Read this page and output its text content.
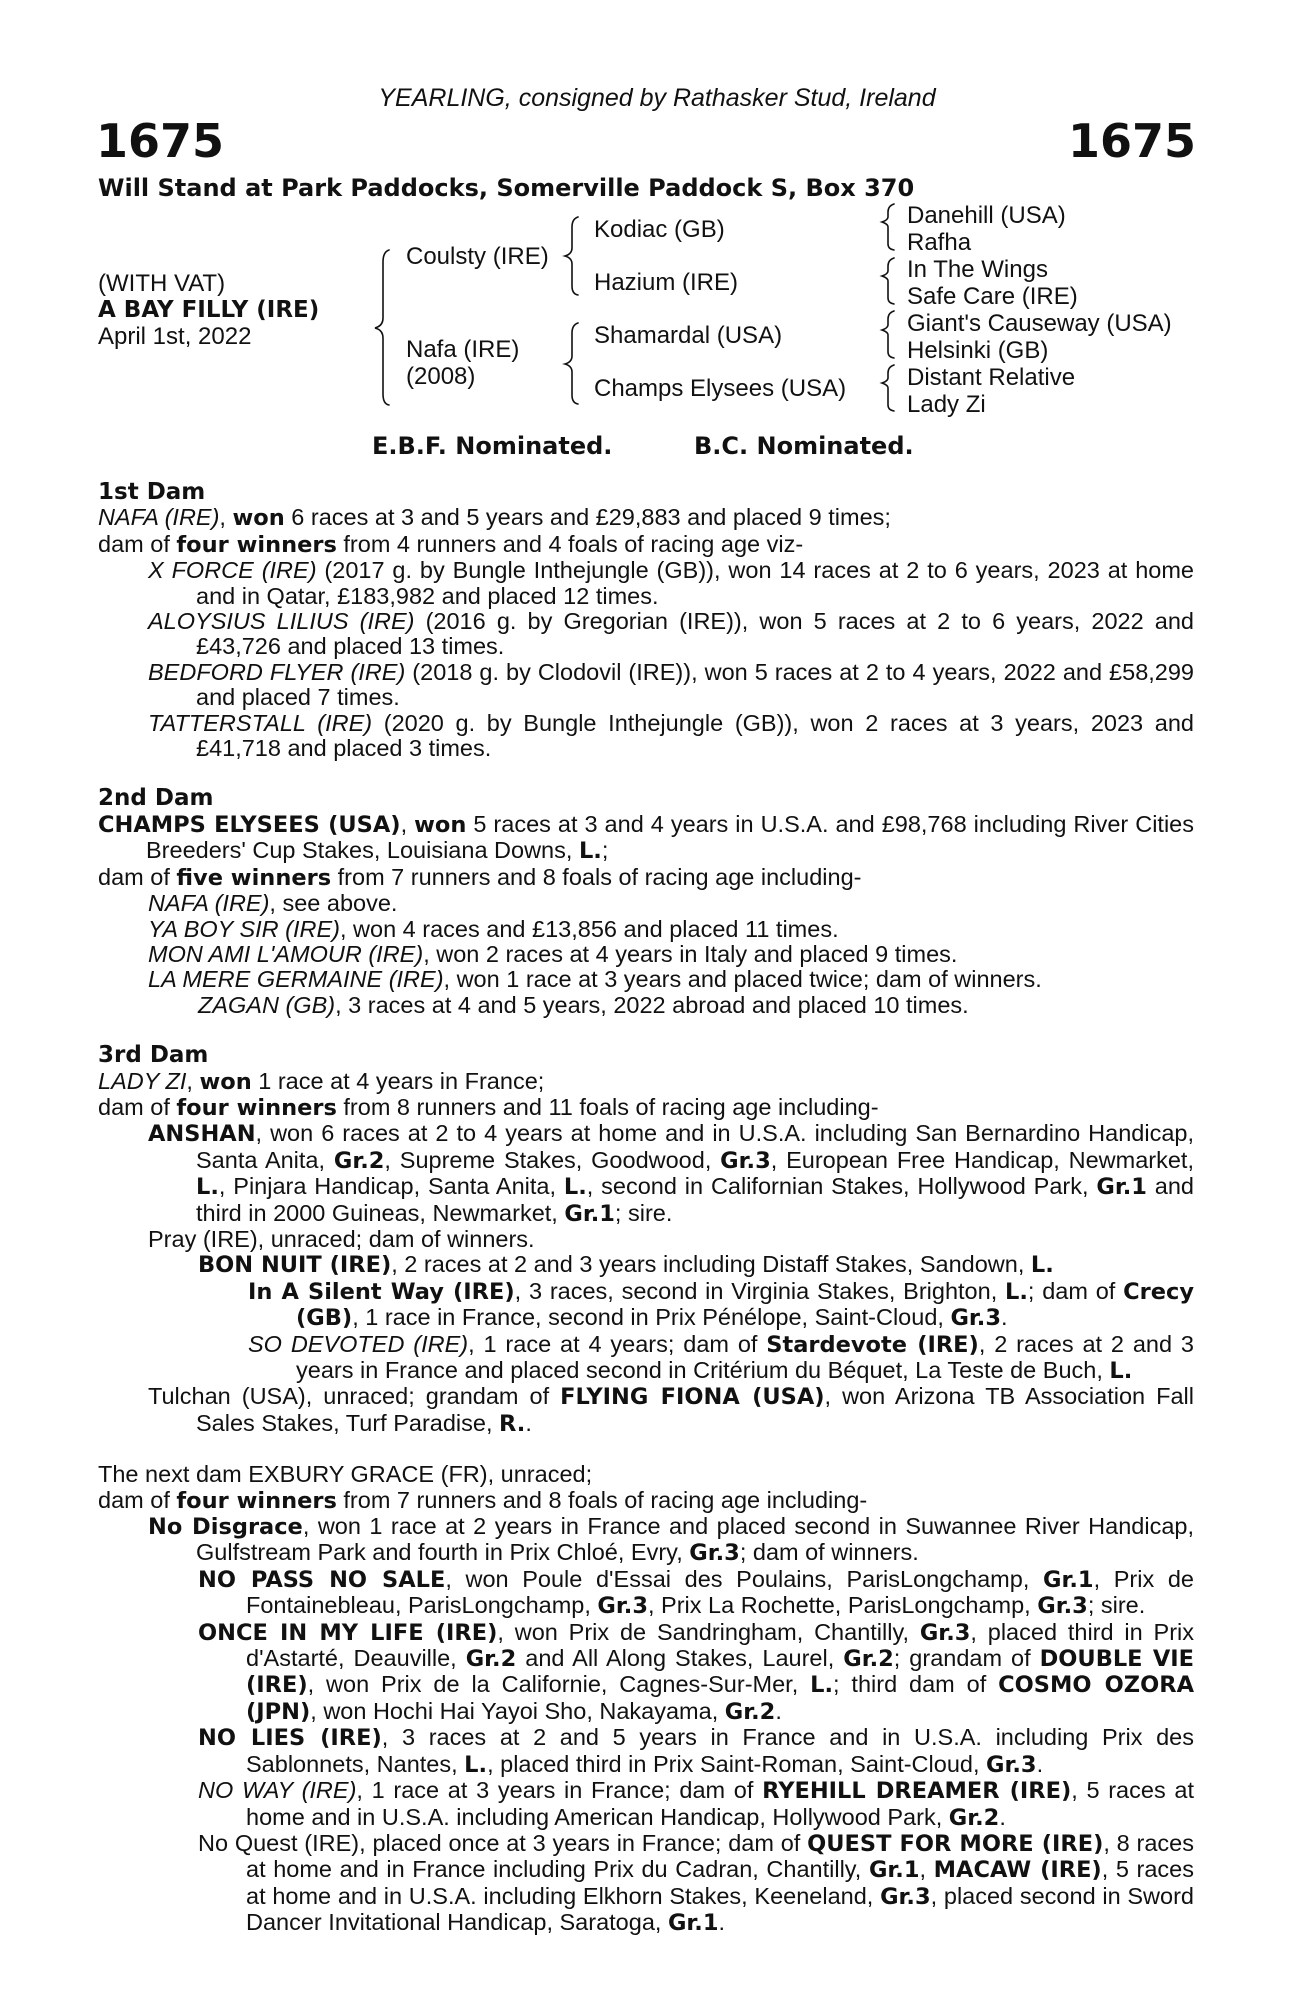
YEARLING, consigned by Rathasker Stud, Ireland
1675	1675
Will Stand at Park Paddocks, Somerville Paddock S, Box 370
(WITH VAT)
A BAY FILLY (IRE)
April 1st, 2022
Coulsty (IRE)
Nafa (IRE)
(2008)
Kodiac (GB)
Hazium (IRE)
Shamardal (USA)
Champs Elysees (USA)
Danehill (USA)
Rafha
In The Wings
Safe Care (IRE)
Giant's Causeway (USA)
Helsinki (GB)
Distant Relative
Lady Zi
E.B.F. Nominated.	B.C. Nominated.

1st Dam

NAFA (IRE), won 6 races at 3 and 5 years and £29,883 and placed 9 times;

dam of four winners from 4 runners and 4 foals of racing age viz-

X FORCE (IRE) (2017 g. by Bungle Inthejungle (GB)), won 14 races at 2 to 6 years, 2023 at home and in Qatar, £183,982 and placed 12 times.

ALOYSIUS LILIUS (IRE) (2016 g. by Gregorian (IRE)), won 5 races at 2 to 6 years, 2022 and £43,726 and placed 13 times.

BEDFORD FLYER (IRE) (2018 g. by Clodovil (IRE)), won 5 races at 2 to 4 years, 2022 and £58,299 and placed 7 times.

TATTERSTALL (IRE) (2020 g. by Bungle Inthejungle (GB)), won 2 races at 3 years, 2023 and £41,718 and placed 3 times.

2nd Dam

CHAMPS ELYSEES (USA), won 5 races at 3 and 4 years in U.S.A. and £98,768 including River Cities Breeders' Cup Stakes, Louisiana Downs, L.;

dam of five winners from 7 runners and 8 foals of racing age including-

NAFA (IRE), see above.

YA BOY SIR (IRE), won 4 races and £13,856 and placed 11 times.

MON AMI L'AMOUR (IRE), won 2 races at 4 years in Italy and placed 9 times.

LA MERE GERMAINE (IRE), won 1 race at 3 years and placed twice; dam of winners.

ZAGAN (GB), 3 races at 4 and 5 years, 2022 abroad and placed 10 times.

3rd Dam

LADY ZI, won 1 race at 4 years in France;

dam of four winners from 8 runners and 11 foals of racing age including-

ANSHAN, won 6 races at 2 to 4 years at home and in U.S.A. including San Bernardino Handicap, Santa Anita, Gr.2, Supreme Stakes, Goodwood, Gr.3, European Free Handicap, Newmarket, L., Pinjara Handicap, Santa Anita, L., second in Californian Stakes, Hollywood Park, Gr.1 and third in 2000 Guineas, Newmarket, Gr.1; sire.

Pray (IRE), unraced; dam of winners.

BON NUIT (IRE), 2 races at 2 and 3 years including Distaff Stakes, Sandown, L.

In A Silent Way (IRE), 3 races, second in Virginia Stakes, Brighton, L.; dam of Crecy (GB), 1 race in France, second in Prix Pénélope, Saint-Cloud, Gr.3.

SO DEVOTED (IRE), 1 race at 4 years; dam of Stardevote (IRE), 2 races at 2 and 3 years in France and placed second in Critérium du Béquet, La Teste de Buch, L.

Tulchan (USA), unraced; grandam of FLYING FIONA (USA), won Arizona TB Association Fall Sales Stakes, Turf Paradise, R..

The next dam EXBURY GRACE (FR), unraced;

dam of four winners from 7 runners and 8 foals of racing age including-

No Disgrace, won 1 race at 2 years in France and placed second in Suwannee River Handicap, Gulfstream Park and fourth in Prix Chloé, Evry, Gr.3; dam of winners.

NO PASS NO SALE, won Poule d'Essai des Poulains, ParisLongchamp, Gr.1, Prix de Fontainebleau, ParisLongchamp, Gr.3, Prix La Rochette, ParisLongchamp, Gr.3; sire.

ONCE IN MY LIFE (IRE), won Prix de Sandringham, Chantilly, Gr.3, placed third in Prix d'Astarté, Deauville, Gr.2 and All Along Stakes, Laurel, Gr.2; grandam of DOUBLE VIE (IRE), won Prix de la Californie, Cagnes-Sur-Mer, L.; third dam of COSMO OZORA (JPN), won Hochi Hai Yayoi Sho, Nakayama, Gr.2.

NO LIES (IRE), 3 races at 2 and 5 years in France and in U.S.A. including Prix des Sablonnets, Nantes, L., placed third in Prix Saint-Roman, Saint-Cloud, Gr.3.

NO WAY (IRE), 1 race at 3 years in France; dam of RYEHILL DREAMER (IRE), 5 races at home and in U.S.A. including American Handicap, Hollywood Park, Gr.2.

No Quest (IRE), placed once at 3 years in France; dam of QUEST FOR MORE (IRE), 8 races at home and in France including Prix du Cadran, Chantilly, Gr.1, MACAW (IRE), 5 races at home and in U.S.A. including Elkhorn Stakes, Keeneland, Gr.3, placed second in Sword Dancer Invitational Handicap, Saratoga, Gr.1.
